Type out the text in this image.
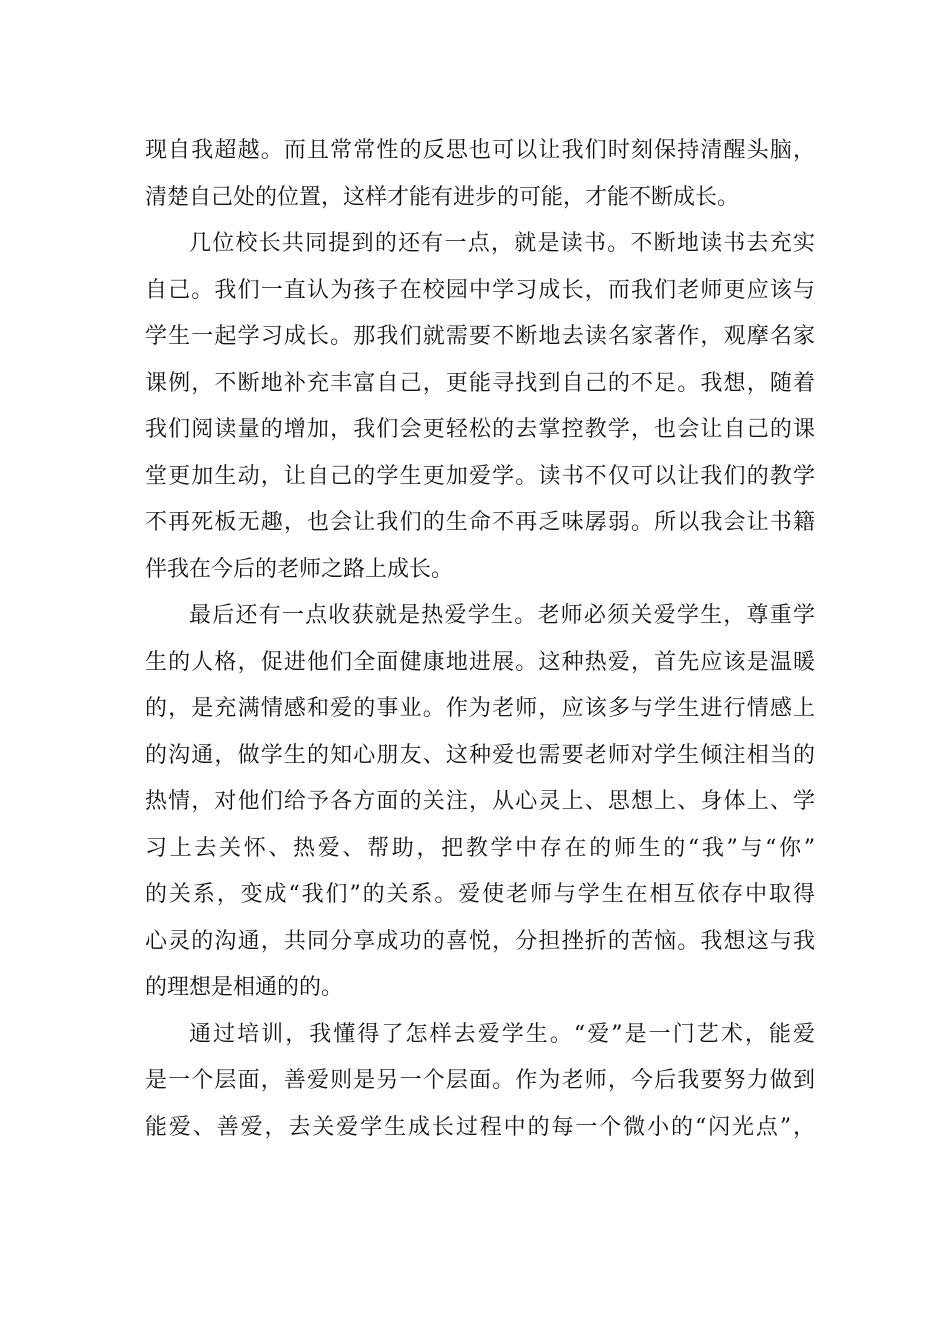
现自我超越。而且常常性的反思也可以让我们时刻保持清醒头脑，
清楚自己处的位置，这样才能有进步的可能，才能不断成长。
几位校长共同提到的还有一点，就是读书。不断地读书去充实
自己。我们一直认为孩子在校园中学习成长，而我们老师更应该与
学生一起学习成长。那我们就需要不断地去读名家著作，观摩名家
课例，不断地补充丰富自己，更能寻找到自己的不足。我想，随着
我们阅读量的增加，我们会更轻松的去掌控教学，也会让自己的课
堂更加生动，让自己的学生更加爱学。读书不仅可以让我们的教学
不再死板无趣，也会让我们的生命不再乏味孱弱。所以我会让书籍
伴我在今后的老师之路上成长。
最后还有一点收获就是热爱学生。老师必须关爱学生，尊重学
生的人格，促进他们全面健康地进展。这种热爱，首先应该是温暖
的，是充满情感和爱的事业。作为老师，应该多与学生进行情感上
的沟通，做学生的知心朋友、这种爱也需要老师对学生倾注相当的
热情，对他们给予各方面的关注，从心灵上、思想上、身体上、学
习上去关怀、热爱、帮助，把教学中存在的师生的“我”与“你”
的关系，变成“我们”的关系。爱使老师与学生在相互依存中取得
心灵的沟通，共同分享成功的喜悦，分担挫折的苦恼。我想这与我
的理想是相通的的。
通过培训，我懂得了怎样去爱学生。“爱”是一门艺术，能爱
是一个层面，善爱则是另一个层面。作为老师，今后我要努力做到
能爱、善爱，去关爱学生成长过程中的每一个微小的“闪光点”，
